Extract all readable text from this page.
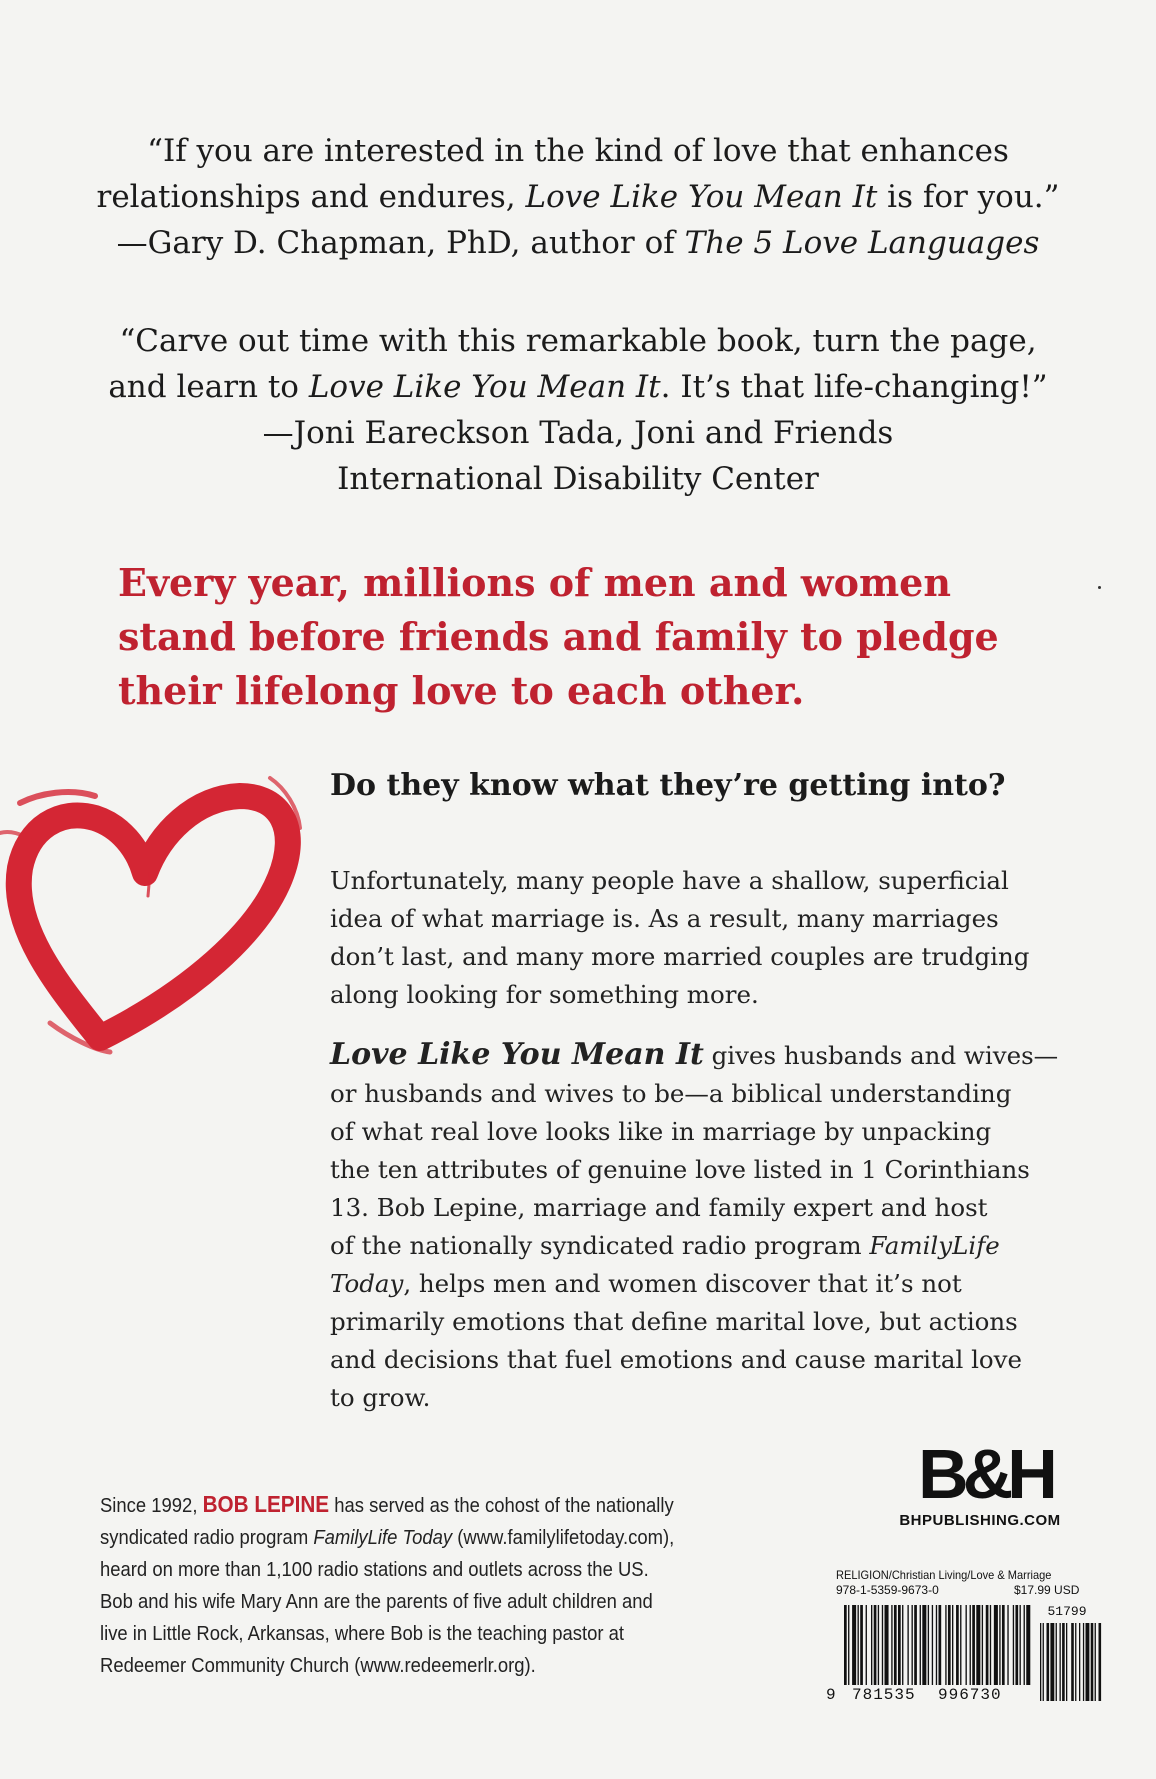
“If you are interested in the kind of love that enhances

relationships and endures, Love Like You Mean It is for you.”

—Gary D. Chapman, PhD, author of The 5 Love Languages

“Carve out time with this remarkable book, turn the page,

and learn to Love Like You Mean It. It’s that life-changing!”

—Joni Eareckson Tada, Joni and Friends

International Disability Center

Every year, millions of men and women

stand before friends and family to pledge

their lifelong love to each other.

Do they know what they’re getting into?

Unfortunately, many people have a shallow, superficial

idea of what marriage is. As a result, many marriages

don’t last, and many more married couples are trudging

along looking for something more.

Love Like You Mean It gives husbands and wives—

or husbands and wives to be—a biblical understanding

of what real love looks like in marriage by unpacking

the ten attributes of genuine love listed in 1 Corinthians

13. Bob Lepine, marriage and family expert and host

of the nationally syndicated radio program FamilyLife

Today, helps men and women discover that it’s not

primarily emotions that define marital love, but actions

and decisions that fuel emotions and cause marital love

to grow.

Since 1992, BOB LEPINE has served as the cohost of the nationally

syndicated radio program FamilyLife Today (www.familylifetoday.com),

heard on more than 1,100 radio stations and outlets across the US.

Bob and his wife Mary Ann are the parents of five adult children and

live in Little Rock, Arkansas, where Bob is the teaching pastor at

Redeemer Community Church (www.redeemerlr.org).

B&H
BHPUBLISHING.COM
RELIGION/Christian Living/Love & Marriage
978-1-5359-9673-0	$17.99 USD
51799
9 781535	996730
